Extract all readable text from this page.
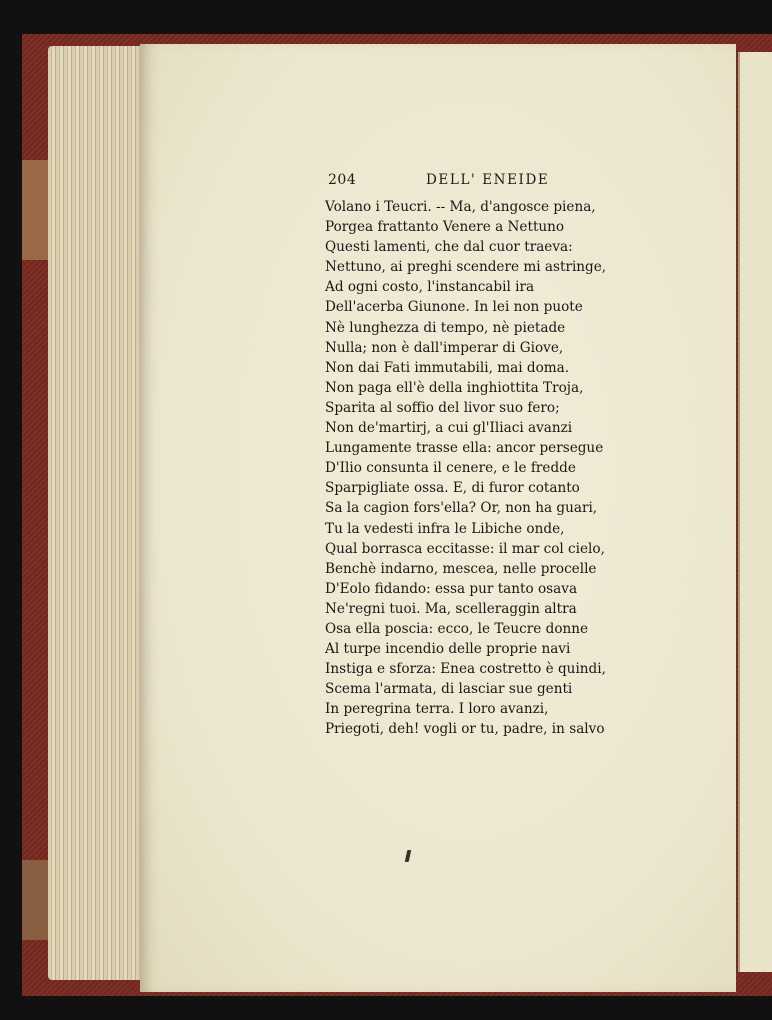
204	DELL' ENEIDE
Volano i Teucri. -- Ma, d'angosce piena,
Porgea frattanto Venere a Nettuno
Questi lamenti, che dal cuor traeva:
Nettuno, ai preghi scendere mi astringe,
Ad ogni costo, l'instancabil ira
Dell'acerba Giunone. In lei non puote
Nè lunghezza di tempo, nè pietade
Nulla; non è dall'imperar di Giove,
Non dai Fati immutabili, mai doma.
Non paga ell'è della inghiottita Troja,
Sparita al soffio del livor suo fero;
Non de'martirj, a cui gl'Iliaci avanzi
Lungamente trasse ella: ancor persegue
D'Ilio consunta il cenere, e le fredde
Sparpigliate ossa. E, di furor cotanto
Sa la cagion fors'ella? Or, non ha guari,
Tu la vedesti infra le Libiche onde,
Qual borrasca eccitasse: il mar col cielo,
Benchè indarno, mescea, nelle procelle
D'Eolo fidando: essa pur tanto osava
Ne'regni tuoi. Ma, scelleraggin altra
Osa ella poscia: ecco, le Teucre donne
Al turpe incendio delle proprie navi
Instiga e sforza: Enea costretto è quindi,
Scema l'armata, di lasciar sue genti
In peregrina terra. I loro avanzi,
Priegoti, deh! vogli or tu, padre, in salvo
